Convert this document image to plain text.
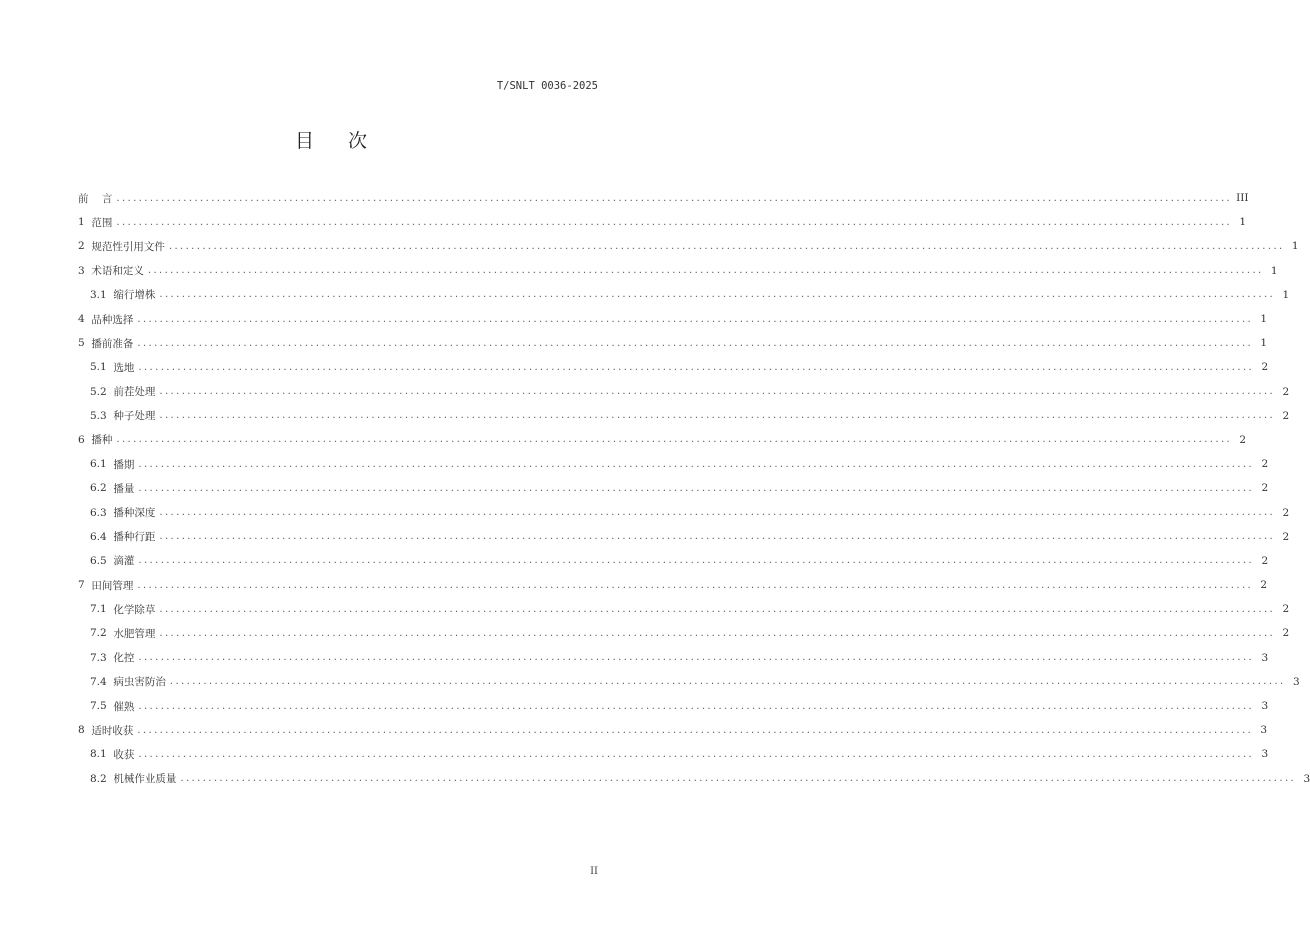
T/SNLT 0036-2025
目 次
前    言 ........................................................................................................................................................................................................ III
1 范围 ........................................................................................................................................................................................................ 1
2 规范性引用文件 ........................................................................................................................................................................................................ 1
3 术语和定义 ........................................................................................................................................................................................................ 1
3.1 缩行增株 ........................................................................................................................................................................................................ 1
4 品种选择 ........................................................................................................................................................................................................ 1
5 播前准备 ........................................................................................................................................................................................................ 1
5.1 选地 ........................................................................................................................................................................................................ 2
5.2 前茬处理 ........................................................................................................................................................................................................ 2
5.3 种子处理 ........................................................................................................................................................................................................ 2
6 播种 ........................................................................................................................................................................................................ 2
6.1 播期 ........................................................................................................................................................................................................ 2
6.2 播量 ........................................................................................................................................................................................................ 2
6.3 播种深度 ........................................................................................................................................................................................................ 2
6.4 播种行距 ........................................................................................................................................................................................................ 2
6.5 滴灌 ........................................................................................................................................................................................................ 2
7 田间管理 ........................................................................................................................................................................................................ 2
7.1 化学除草 ........................................................................................................................................................................................................ 2
7.2 水肥管理 ........................................................................................................................................................................................................ 2
7.3 化控 ........................................................................................................................................................................................................ 3
7.4 病虫害防治 ........................................................................................................................................................................................................ 3
7.5 催熟 ........................................................................................................................................................................................................ 3
8 适时收获 ........................................................................................................................................................................................................ 3
8.1 收获 ........................................................................................................................................................................................................ 3
8.2 机械作业质量 ........................................................................................................................................................................................................ 3
II
